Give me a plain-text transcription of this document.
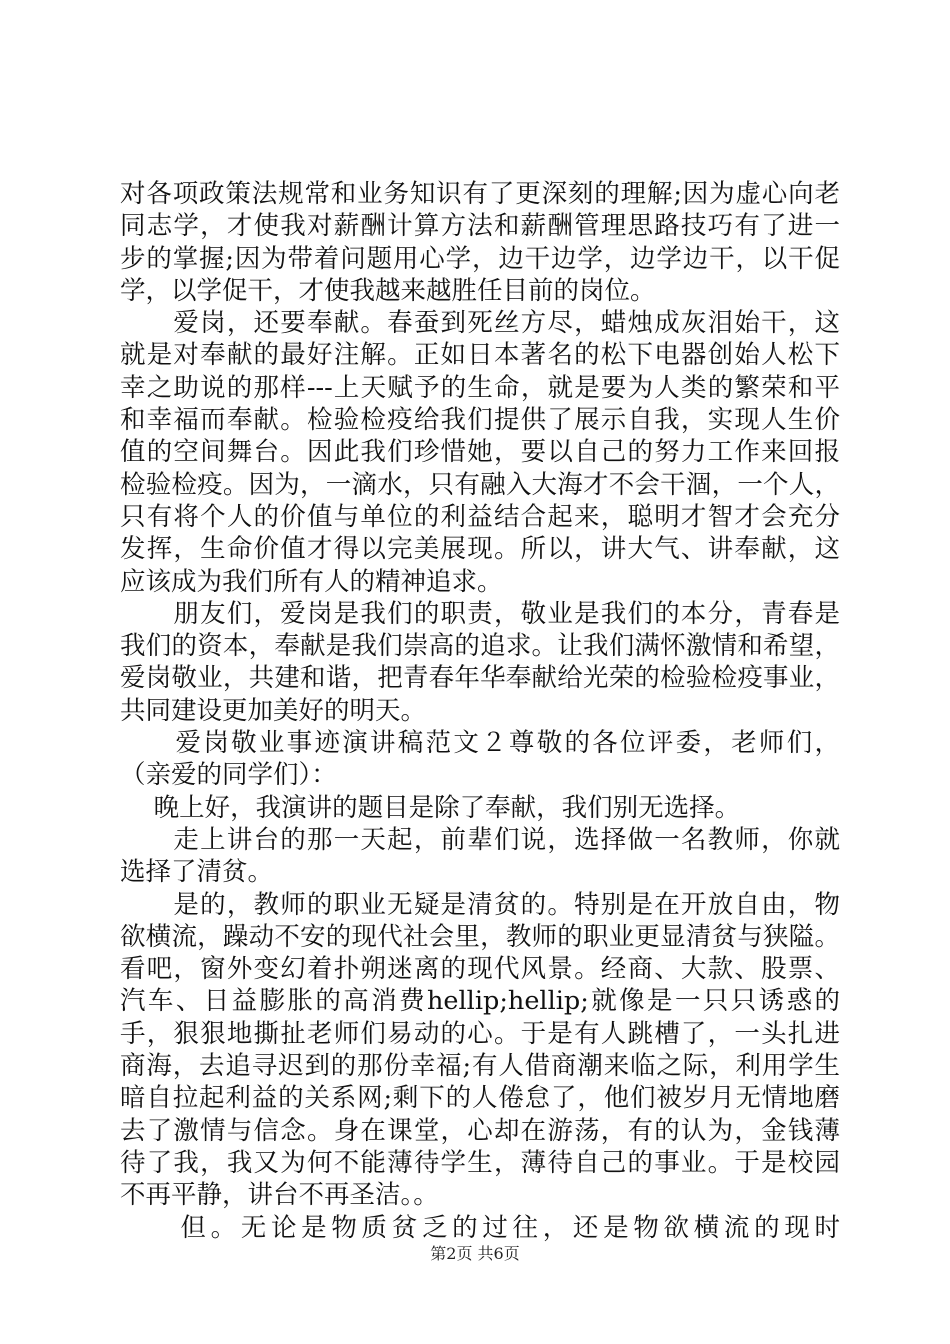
对各项政策法规常和业务知识有了更深刻的理解;因为虚心向老
同志学，才使我对薪酬计算方法和薪酬管理思路技巧有了进一
步的掌握;因为带着问题用心学，边干边学，边学边干，以干促
学，以学促干，才使我越来越胜任目前的岗位。
　　爱岗，还要奉献。春蚕到死丝方尽，蜡烛成灰泪始干，这
就是对奉献的最好注解。正如日本著名的松下电器创始人松下
幸之助说的那样---上天赋予的生命，就是要为人类的繁荣和平
和幸福而奉献。检验检疫给我们提供了展示自我，实现人生价
值的空间舞台。因此我们珍惜她，要以自己的努力工作来回报
检验检疫。因为，一滴水，只有融入大海才不会干涸，一个人，
只有将个人的价值与单位的利益结合起来，聪明才智才会充分
发挥，生命价值才得以完美展现。所以，讲大气、讲奉献，这
应该成为我们所有人的精神追求。
　　朋友们，爱岗是我们的职责，敬业是我们的本分，青春是
我们的资本，奉献是我们崇高的追求。让我们满怀激情和希望，
爱岗敬业，共建和谐，把青春年华奉献给光荣的检验检疫事业，
共同建设更加美好的明天。
　　爱岗敬业事迹演讲稿范文２尊敬的各位评委，老师们，
（亲爱的同学们）：
　 晚上好，我演讲的题目是除了奉献，我们别无选择。
　　走上讲台的那一天起，前辈们说，选择做一名教师，你就
选择了清贫。
　　是的，教师的职业无疑是清贫的。特别是在开放自由，物
欲横流，躁动不安的现代社会里，教师的职业更显清贫与狭隘。
看吧，窗外变幻着扑朔迷离的现代风景。经商、大款、股票、
汽车、日益膨胀的高消费hellip;hellip;就像是一只只诱惑的
手，狠狠地撕扯老师们易动的心。于是有人跳槽了，一头扎进
商海，去追寻迟到的那份幸福;有人借商潮来临之际，利用学生
暗自拉起利益的关系网;剩下的人倦怠了，他们被岁月无情地磨
去了激情与信念。身在课堂，心却在游荡，有的认为，金钱薄
待了我，我又为何不能薄待学生，薄待自己的事业。于是校园
不再平静，讲台不再圣洁。。
　　但。无论是物质贫乏的过往，还是物欲横流的现时
第2页 共6页
